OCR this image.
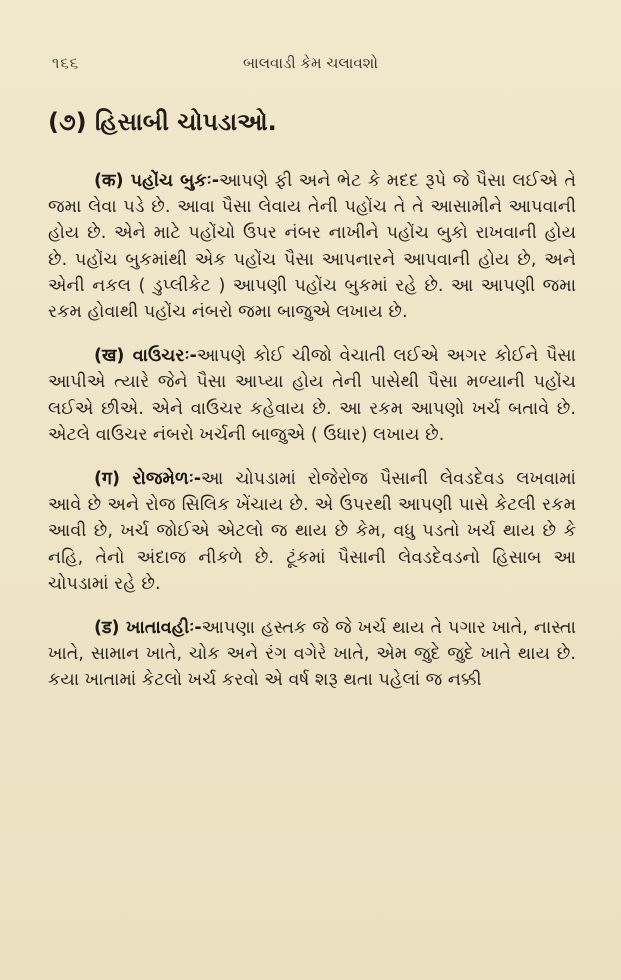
૧૬૬	બાલવાડી કેમ ચલાવશો
(૭) હિસાબી ચોપડાઓ.

(क) પહોંચ બુકઃ-આપણે ફી અને ભેટ કે મદદ રૂપે જે પૈસા લઈએ તે જમા લેવા પડે છે. આવા પૈસા લેવાય તેની પહોંચ તે તે આસામીને આપવાની હોય છે. એને માટે પહોંચો ઉપર નંબર નાખીને પહોંચ બુકો રાખવાની હોય છે. પહોંચ બુકમાંથી એક પહોંચ પૈસા આપનારને આપવાની હોય છે, અને એની નકલ ( ડુપ્લીકેટ ) આપણી પહોંચ બુકમાં રહે છે. આ આપણી જમા રકમ હોવાથી પહોંચ નંબરો જમા બાજુએ લખાય છે.

(ख) વાઉચરઃ-આપણે કોઈ ચીજો વેચાતી લઈએ અગર કોઈને પૈસા આપીએ ત્યારે જેને પૈસા આપ્યા હોય તેની પાસેથી પૈસા મળ્યાની પહોંચ લઈએ છીએ. એને વાઉચર કહેવાય છે. આ રકમ આપણો ખર્ચ બતાવે છે. એટલે વાઉચર નંબરો ખર્ચની બાજુએ ( ઉધાર) લખાય છે.

(ग) રોજમેળઃ-આ ચોપડામાં રોજેરોજ પૈસાની લેવડદેવડ લખવામાં આવે છે અને રોજ સિલિક ખેંચાય છે. એ ઉપરથી આપણી પાસે કેટલી રકમ આવી છે, ખર્ચ જોઈએ એટલો જ થાય છે કેમ, વધુ પડતો ખર્ચ થાય છે કે નહિ, તેનો અંદાજ નીકળે છે. ટૂંકમાં પૈસાની લેવડદેવડનો હિસાબ આ ચોપડામાં રહે છે.

(ड) ખાતાવહીઃ-આપણા હસ્તક જે જે ખર્ચ થાય તે પગાર ખાતે, નાસ્તા ખાતે, સામાન ખાતે, ચોક અને રંગ વગેરે ખાતે, એમ જુદે જુદે ખાતે થાય છે. કયા ખાતામાં કેટલો ખર્ચ કરવો એ વર્ષ શરૂ થતા પહેલાં જ નક્કી
